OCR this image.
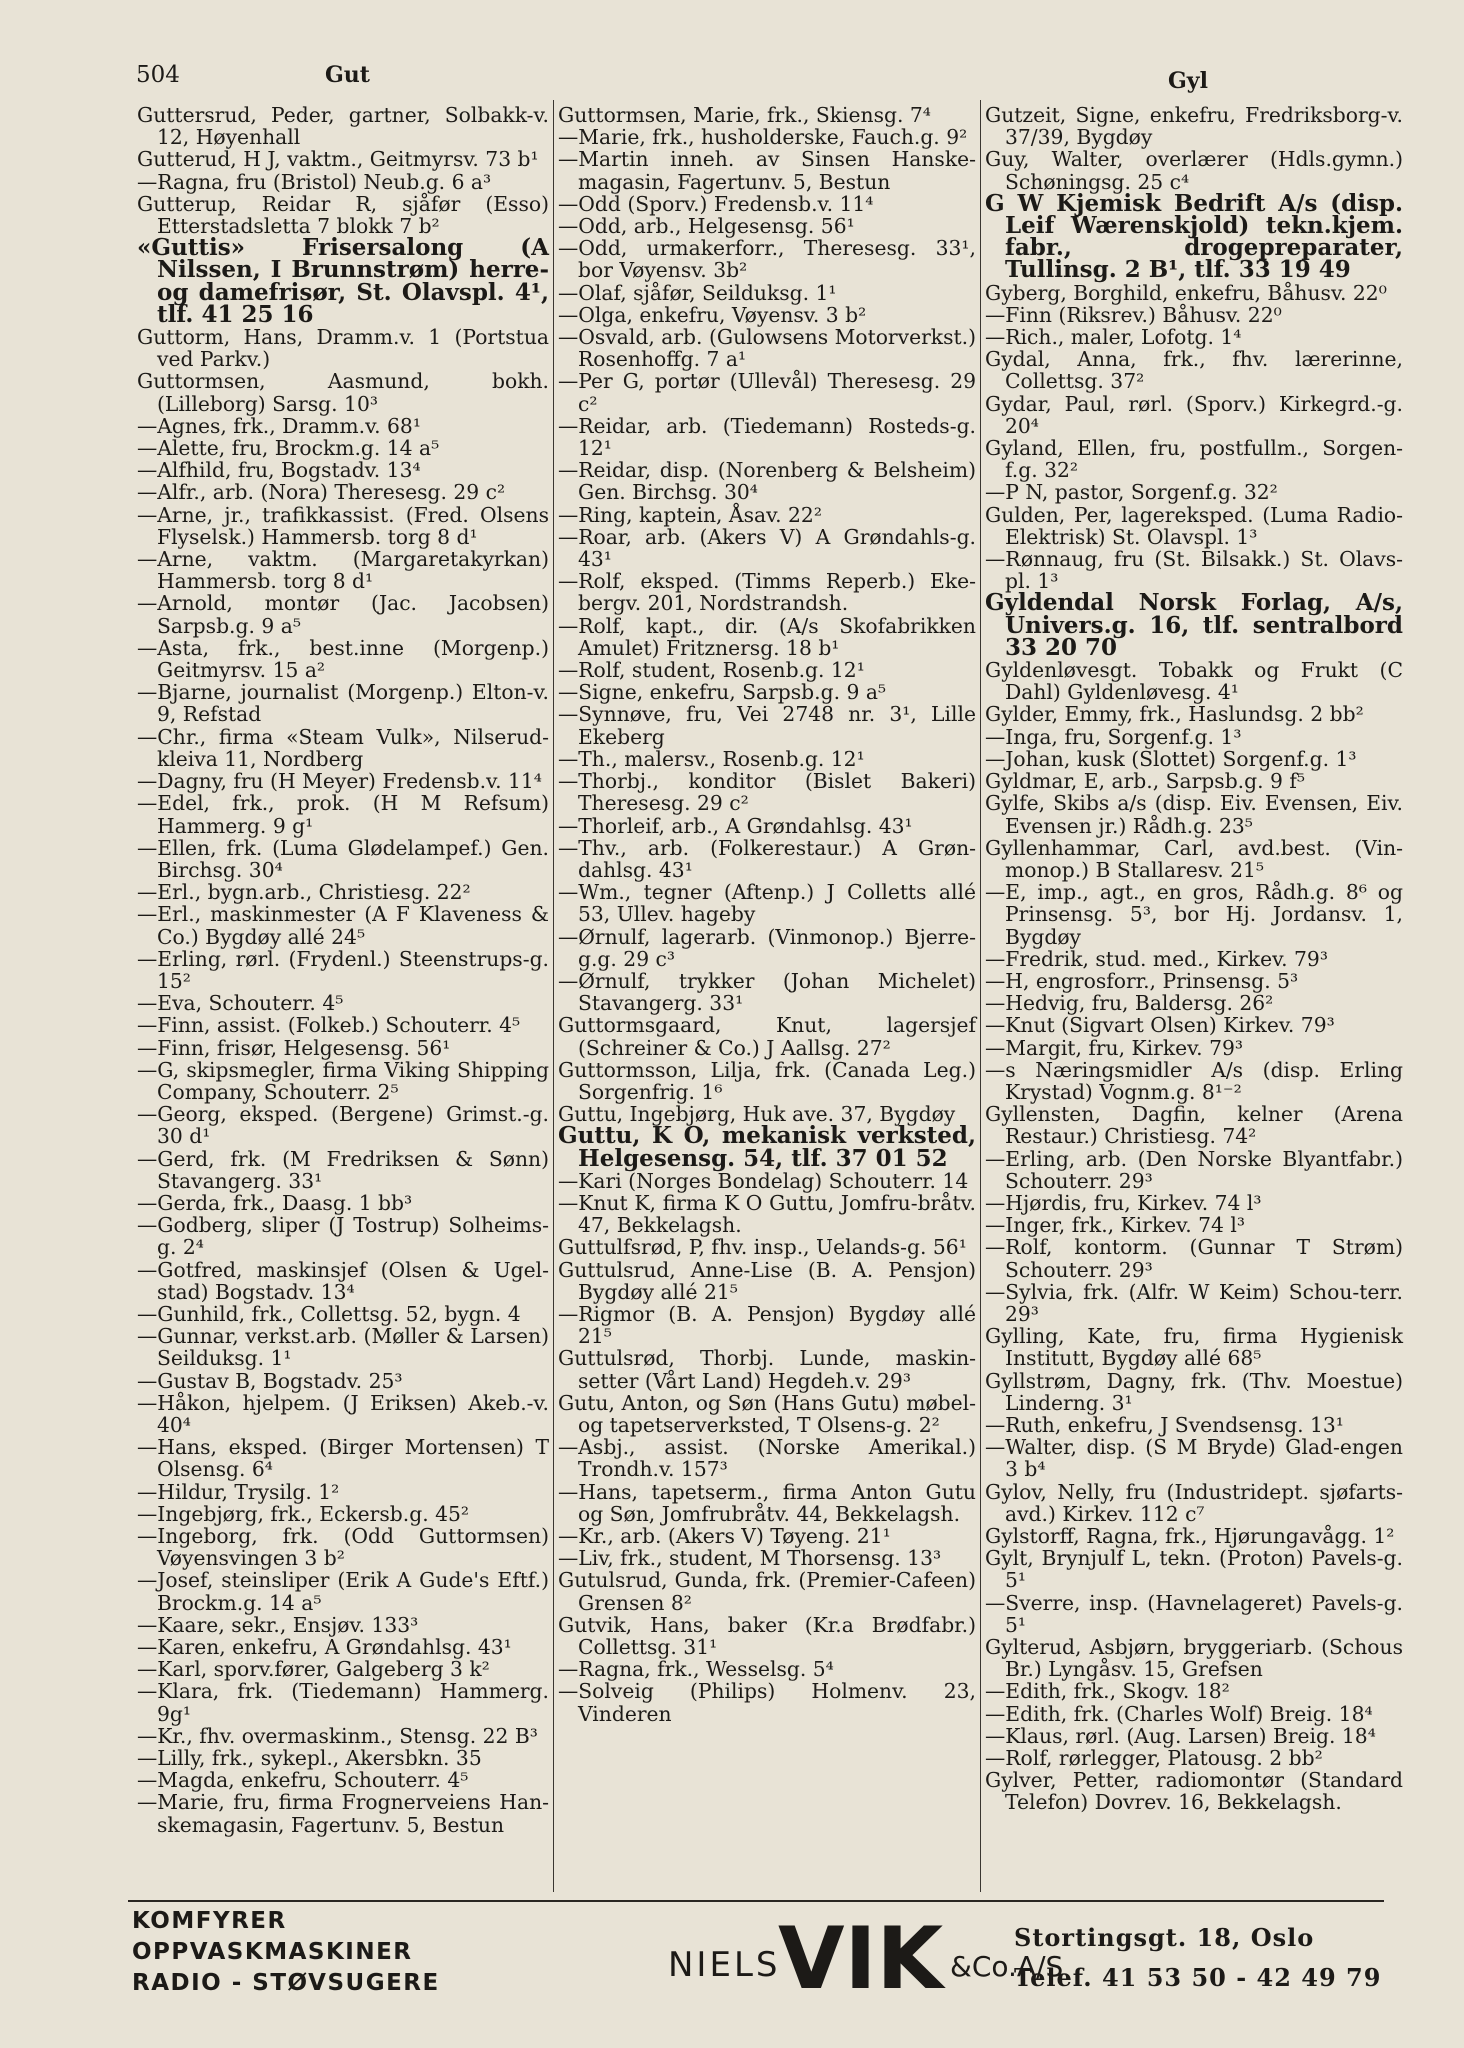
504	Gut	Gyl
Guttersrud, Peder, gartner, Solbakk-v. 12, Høyenhall
Gutterud, H J, vaktm., Geitmyrsv. 73 b¹
—Ragna, fru (Bristol) Neub.g. 6 a³
Gutterup, Reidar R, sjåfør (Esso) Etterstadsletta 7 blokk 7 b²
«Guttis» Frisersalong (A Nilssen, I Brunnstrøm) herre- og damefrisør, St. Olavspl. 4¹, tlf. 41 25 16
Guttorm, Hans, Dramm.v. 1 (Portstua ved Parkv.)
Guttormsen, Aasmund, bokh. (Lilleborg) Sarsg. 10³
—Agnes, frk., Dramm.v. 68¹
—Alette, fru, Brockm.g. 14 a⁵
—Alfhild, fru, Bogstadv. 13⁴
—Alfr., arb. (Nora) Theresesg. 29 c²
—Arne, jr., trafikkassist. (Fred. Olsens Flyselsk.) Hammersb. torg 8 d¹
—Arne, vaktm. (Margaretakyrkan) Hammersb. torg 8 d¹
—Arnold, montør (Jac. Jacobsen) Sarpsb.g. 9 a⁵
—Asta, frk., best.inne (Morgenp.) Geitmyrsv. 15 a²
—Bjarne, journalist (Morgenp.) Elton-v. 9, Refstad
—Chr., firma «Steam Vulk», Nilserud-kleiva 11, Nordberg
—Dagny, fru (H Meyer) Fredensb.v. 11⁴
—Edel, frk., prok. (H M Refsum) Hammerg. 9 g¹
—Ellen, frk. (Luma Glødelampef.) Gen. Birchsg. 30⁴
—Erl., bygn.arb., Christiesg. 22²
—Erl., maskinmester (A F Klaveness & Co.) Bygdøy allé 24⁵
—Erling, rørl. (Frydenl.) Steenstrups-g. 15²
—Eva, Schouterr. 4⁵
—Finn, assist. (Folkeb.) Schouterr. 4⁵
—Finn, frisør, Helgesensg. 56¹
—G, skipsmegler, firma Viking Shipping Company, Schouterr. 2⁵
—Georg, eksped. (Bergene) Grimst.-g. 30 d¹
—Gerd, frk. (M Fredriksen & Sønn) Stavangerg. 33¹
—Gerda, frk., Daasg. 1 bb³
—Godberg, sliper (J Tostrup) Solheims-g. 2⁴
—Gotfred, maskinsjef (Olsen & Ugel-stad) Bogstadv. 13⁴
—Gunhild, frk., Collettsg. 52, bygn. 4
—Gunnar, verkst.arb. (Møller & Larsen) Seilduksg. 1¹
—Gustav B, Bogstadv. 25³
—Håkon, hjelpem. (J Eriksen) Akeb.-v. 40⁴
—Hans, eksped. (Birger Mortensen) T Olsensg. 6⁴
—Hildur, Trysilg. 1²
—Ingebjørg, frk., Eckersb.g. 45²
—Ingeborg, frk. (Odd Guttormsen) Vøyensvingen 3 b²
—Josef, steinsliper (Erik A Gude's Eftf.) Brockm.g. 14 a⁵
—Kaare, sekr., Ensjøv. 133³
—Karen, enkefru, A Grøndahlsg. 43¹
—Karl, sporv.fører, Galgeberg 3 k²
—Klara, frk. (Tiedemann) Hammerg. 9g¹
—Kr., fhv. overmaskinm., Stensg. 22 B³
—Lilly, frk., sykepl., Akersbkn. 35
—Magda, enkefru, Schouterr. 4⁵
—Marie, fru, firma Frognerveiens Han-skemagasin, Fagertunv. 5, Bestun
Guttormsen, Marie, frk., Skiensg. 7⁴
—Marie, frk., husholderske, Fauch.g. 9²
—Martin inneh. av Sinsen Hanske-magasin, Fagertunv. 5, Bestun
—Odd (Sporv.) Fredensb.v. 11⁴
—Odd, arb., Helgesensg. 56¹
—Odd, urmakerforr., Theresesg. 33¹, bor Vøyensv. 3b²
—Olaf, sjåfør, Seilduksg. 1¹
—Olga, enkefru, Vøyensv. 3 b²
—Osvald, arb. (Gulowsens Motorverkst.) Rosenhoffg. 7 a¹
—Per G, portør (Ullevål) Theresesg. 29 c²
—Reidar, arb. (Tiedemann) Rosteds-g. 12¹
—Reidar, disp. (Norenberg & Belsheim) Gen. Birchsg. 30⁴
—Ring, kaptein, Åsav. 22²
—Roar, arb. (Akers V) A Grøndahls-g. 43¹
—Rolf, eksped. (Timms Reperb.) Eke-bergv. 201, Nordstrandsh.
—Rolf, kapt., dir. (A/s Skofabrikken Amulet) Fritznersg. 18 b¹
—Rolf, student, Rosenb.g. 12¹
—Signe, enkefru, Sarpsb.g. 9 a⁵
—Synnøve, fru, Vei 2748 nr. 3¹, Lille Ekeberg
—Th., malersv., Rosenb.g. 12¹
—Thorbj., konditor (Bislet Bakeri) Theresesg. 29 c²
—Thorleif, arb., A Grøndahlsg. 43¹
—Thv., arb. (Folkerestaur.) A Grøn-dahlsg. 43¹
—Wm., tegner (Aftenp.) J Colletts allé 53, Ullev. hageby
—Ørnulf, lagerarb. (Vinmonop.) Bjerre-g.g. 29 c³
—Ørnulf, trykker (Johan Michelet) Stavangerg. 33¹
Guttormsgaard, Knut, lagersjef (Schreiner & Co.) J Aallsg. 27²
Guttormsson, Lilja, frk. (Canada Leg.) Sorgenfrig. 1⁶
Guttu, Ingebjørg, Huk ave. 37, Bygdøy
Guttu, K O, mekanisk verksted, Helgesensg. 54, tlf. 37 01 52
—Kari (Norges Bondelag) Schouterr. 14
—Knut K, firma K O Guttu, Jomfru-bråtv. 47, Bekkelagsh.
Guttulfsrød, P, fhv. insp., Uelands-g. 56¹
Guttulsrud, Anne-Lise (B. A. Pensjon) Bygdøy allé 21⁵
—Rigmor (B. A. Pensjon) Bygdøy allé 21⁵
Guttulsrød, Thorbj. Lunde, maskin-setter (Vårt Land) Hegdeh.v. 29³
Gutu, Anton, og Søn (Hans Gutu) møbel- og tapetserverksted, T Olsens-g. 2²
—Asbj., assist. (Norske Amerikal.) Trondh.v. 157³
—Hans, tapetserm., firma Anton Gutu og Søn, Jomfrubråtv. 44, Bekkelagsh.
—Kr., arb. (Akers V) Tøyeng. 21¹
—Liv, frk., student, M Thorsensg. 13³
Gutulsrud, Gunda, frk. (Premier-Cafeen) Grensen 8²
Gutvik, Hans, baker (Kr.a Brødfabr.) Collettsg. 31¹
—Ragna, frk., Wesselsg. 5⁴
—Solveig (Philips) Holmenv. 23, Vinderen
Gutzeit, Signe, enkefru, Fredriksborg-v. 37/39, Bygdøy
Guy, Walter, overlærer (Hdls.gymn.) Schøningsg. 25 c⁴
G W Kjemisk Bedrift A/s (disp. Leif Wærenskjold) tekn.kjem. fabr., drogepreparater, Tullinsg. 2 B¹, tlf. 33 19 49
Gyberg, Borghild, enkefru, Båhusv. 22⁰
—Finn (Riksrev.) Båhusv. 22⁰
—Rich., maler, Lofotg. 1⁴
Gydal, Anna, frk., fhv. lærerinne, Collettsg. 37²
Gydar, Paul, rørl. (Sporv.) Kirkegrd.-g. 20⁴
Gyland, Ellen, fru, postfullm., Sorgen-f.g. 32²
—P N, pastor, Sorgenf.g. 32²
Gulden, Per, lagereksped. (Luma Radio-Elektrisk) St. Olavspl. 1³
—Rønnaug, fru (St. Bilsakk.) St. Olavs-pl. 1³
Gyldendal Norsk Forlag, A/s, Univers.g. 16, tlf. sentralbord 33 20 70
Gyldenløvesgt. Tobakk og Frukt (C Dahl) Gyldenløvesg. 4¹
Gylder, Emmy, frk., Haslundsg. 2 bb²
—Inga, fru, Sorgenf.g. 1³
—Johan, kusk (Slottet) Sorgenf.g. 1³
Gyldmar, E, arb., Sarpsb.g. 9 f⁵
Gylfe, Skibs a/s (disp. Eiv. Evensen, Eiv. Evensen jr.) Rådh.g. 23⁵
Gyllenhammar, Carl, avd.best. (Vin-monop.) B Stallaresv. 21⁵
—E, imp., agt., en gros, Rådh.g. 8⁶ og Prinsensg. 5³, bor Hj. Jordansv. 1, Bygdøy
—Fredrik, stud. med., Kirkev. 79³
—H, engrosforr., Prinsensg. 5³
—Hedvig, fru, Baldersg. 26²
—Knut (Sigvart Olsen) Kirkev. 79³
—Margit, fru, Kirkev. 79³
—s Næringsmidler A/s (disp. Erling Krystad) Vognm.g. 8¹⁻²
Gyllensten, Dagfin, kelner (Arena Restaur.) Christiesg. 74²
—Erling, arb. (Den Norske Blyantfabr.) Schouterr. 29³
—Hjørdis, fru, Kirkev. 74 l³
—Inger, frk., Kirkev. 74 l³
—Rolf, kontorm. (Gunnar T Strøm) Schouterr. 29³
—Sylvia, frk. (Alfr. W Keim) Schou-terr. 29³
Gylling, Kate, fru, firma Hygienisk Institutt, Bygdøy allé 68⁵
Gyllstrøm, Dagny, frk. (Thv. Moestue) Linderng. 3¹
—Ruth, enkefru, J Svendsensg. 13¹
—Walter, disp. (S M Bryde) Glad-engen 3 b⁴
Gylov, Nelly, fru (Industridept. sjøfarts-avd.) Kirkev. 112 c⁷
Gylstorff, Ragna, frk., Hjørungavågg. 1²
Gylt, Brynjulf L, tekn. (Proton) Pavels-g. 5¹
—Sverre, insp. (Havnelageret) Pavels-g. 5¹
Gylterud, Asbjørn, bryggeriarb. (Schous Br.) Lyngåsv. 15, Grefsen
—Edith, frk., Skogv. 18²
—Edith, frk. (Charles Wolf) Breig. 18⁴
—Klaus, rørl. (Aug. Larsen) Breig. 18⁴
—Rolf, rørlegger, Platousg. 2 bb²
Gylver, Petter, radiomontør (Standard Telefon) Dovrev. 16, Bekkelagsh.
KOMFYRER
OPPVASKMASKINER
RADIO - STØVSUGERE	NIELS
VIK &Co.A/S
Stortingsgt. 18, Oslo
Telef. 41 53 50 - 42 49 79
